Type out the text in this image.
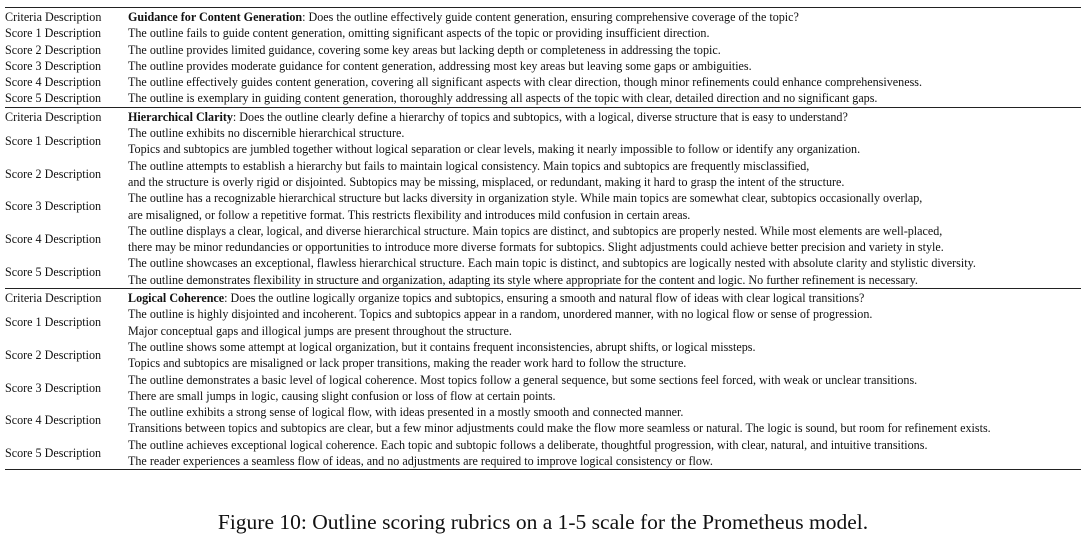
Criteria Description	Guidance for Content Generation: Does the outline effectively guide content generation, ensuring comprehensive coverage of the topic?
Score 1 Description	The outline fails to guide content generation, omitting significant aspects of the topic or providing insufficient direction.

Score 2 Description	The outline provides limited guidance, covering some key areas but lacking depth or completeness in addressing the topic.

Score 3 Description	The outline provides moderate guidance for content generation, addressing most key areas but leaving some gaps or ambiguities.

Score 4 Description	The outline effectively guides content generation, covering all significant aspects with clear direction, though minor refinements could enhance comprehensiveness.

Score 5 Description	The outline is exemplary in guiding content generation, thoroughly addressing all aspects of the topic with clear, detailed direction and no significant gaps.

Criteria Description	Hierarchical Clarity: Does the outline clearly define a hierarchy of topics and subtopics, with a logical, diverse structure that is easy to understand?
Score 1 Description	The outline exhibits no discernible hierarchical structure.
Topics and subtopics are jumbled together without logical separation or clear levels, making it nearly impossible to follow or identify any organization.

Score 2 Description	The outline attempts to establish a hierarchy but fails to maintain logical consistency. Main topics and subtopics are frequently misclassified,
and the structure is overly rigid or disjointed. Subtopics may be missing, misplaced, or redundant, making it hard to grasp the intent of the structure.

Score 3 Description	The outline has a recognizable hierarchical structure but lacks diversity in organization style. While main topics are somewhat clear, subtopics occasionally overlap,
are misaligned, or follow a repetitive format. This restricts flexibility and introduces mild confusion in certain areas.

Score 4 Description	The outline displays a clear, logical, and diverse hierarchical structure. Main topics are distinct, and subtopics are properly nested. While most elements are well-placed,
there may be minor redundancies or opportunities to introduce more diverse formats for subtopics. Slight adjustments could achieve better precision and variety in style.

Score 5 Description	The outline showcases an exceptional, flawless hierarchical structure. Each main topic is distinct, and subtopics are logically nested with absolute clarity and stylistic diversity.
The outline demonstrates flexibility in structure and organization, adapting its style where appropriate for the content and logic. No further refinement is necessary.

Criteria Description	Logical Coherence: Does the outline logically organize topics and subtopics, ensuring a smooth and natural flow of ideas with clear logical transitions?
Score 1 Description	The outline is highly disjointed and incoherent. Topics and subtopics appear in a random, unordered manner, with no logical flow or sense of progression.
Major conceptual gaps and illogical jumps are present throughout the structure.

Score 2 Description	The outline shows some attempt at logical organization, but it contains frequent inconsistencies, abrupt shifts, or logical missteps.
Topics and subtopics are misaligned or lack proper transitions, making the reader work hard to follow the structure.

Score 3 Description	The outline demonstrates a basic level of logical coherence. Most topics follow a general sequence, but some sections feel forced, with weak or unclear transitions.
There are small jumps in logic, causing slight confusion or loss of flow at certain points.

Score 4 Description	The outline exhibits a strong sense of logical flow, with ideas presented in a mostly smooth and connected manner.
Transitions between topics and subtopics are clear, but a few minor adjustments could make the flow more seamless or natural. The logic is sound, but room for refinement exists.

Score 5 Description	The outline achieves exceptional logical coherence. Each topic and subtopic follows a deliberate, thoughtful progression, with clear, natural, and intuitive transitions.
The reader experiences a seamless flow of ideas, and no adjustments are required to improve logical consistency or flow.
Figure 10: Outline scoring rubrics on a 1-5 scale for the Prometheus model.
